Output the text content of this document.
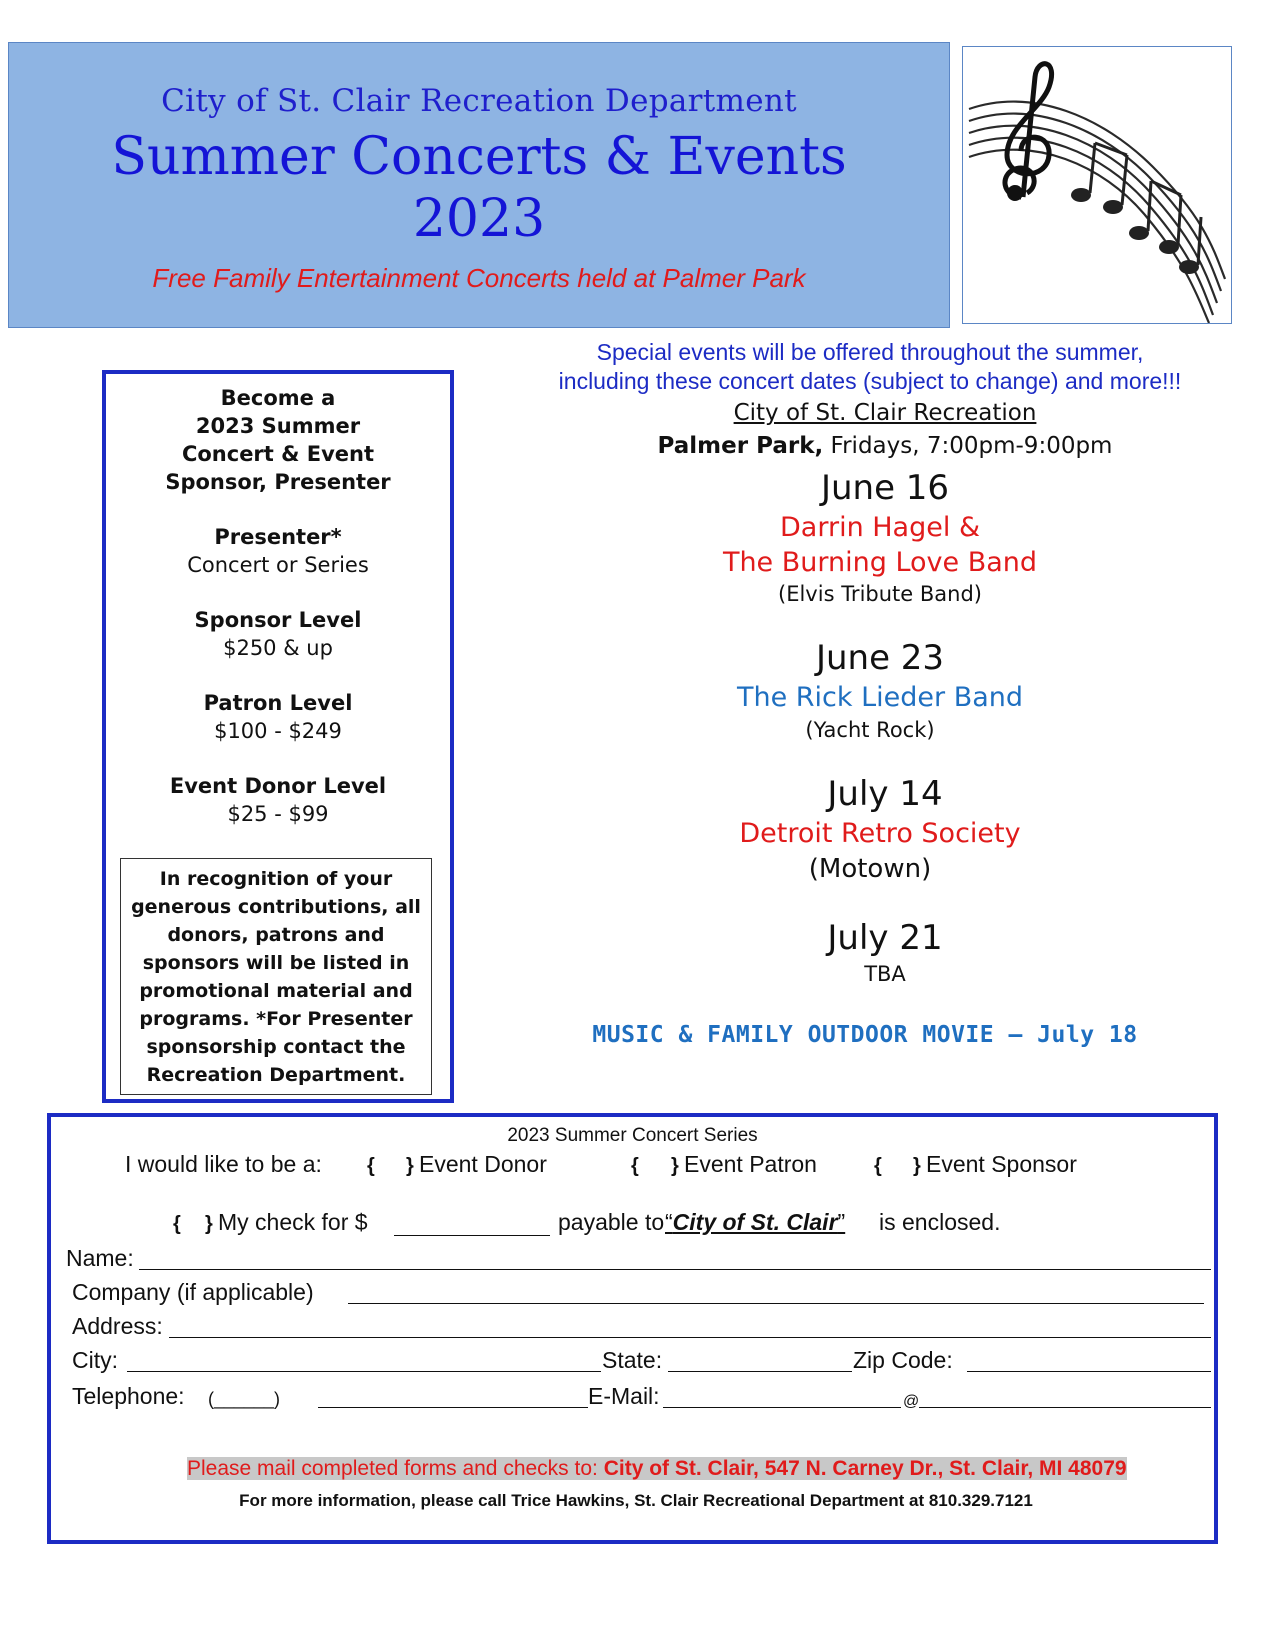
City of St. Clair Recreation Department
Summer Concerts & Events
2023
Free Family Entertainment Concerts held at Palmer Park
Become a
2023 Summer
Concert & Event
Sponsor, Presenter
Presenter*
Concert or Series
Sponsor Level
$250 & up
Patron Level
$100 - $249
Event Donor Level
$25 - $99
In recognition of your
generous contributions, all
donors, patrons and
sponsors will be listed in
promotional material and
programs. *For Presenter
sponsorship contact the
Recreation Department.
Special events will be offered throughout the summer,
including these concert dates (subject to change) and more!!!
City of St. Clair Recreation
Palmer Park, Fridays, 7:00pm-9:00pm
June 16
Darrin Hagel &
The Burning Love Band
(Elvis Tribute Band)
June 23
The Rick Lieder Band
(Yacht Rock)
July 14
Detroit Retro Society
(Motown)
July 21
TBA
MUSIC & FAMILY OUTDOOR MOVIE – July 18
2023 Summer Concert Series
I would like to be a: { } Event Donor	{ } Event Patron	{ } Event Sponsor
{ } My check for $	payable to “City of St. Clair” is enclosed.
Name:
Company (if applicable)
Address:
City:	State:	Zip Code:
Telephone: (______)	E-Mail:	@
Please mail completed forms and checks to: City of St. Clair, 547 N. Carney Dr., St. Clair, MI 48079
For more information, please call Trice Hawkins, St. Clair Recreational Department at 810.329.7121
